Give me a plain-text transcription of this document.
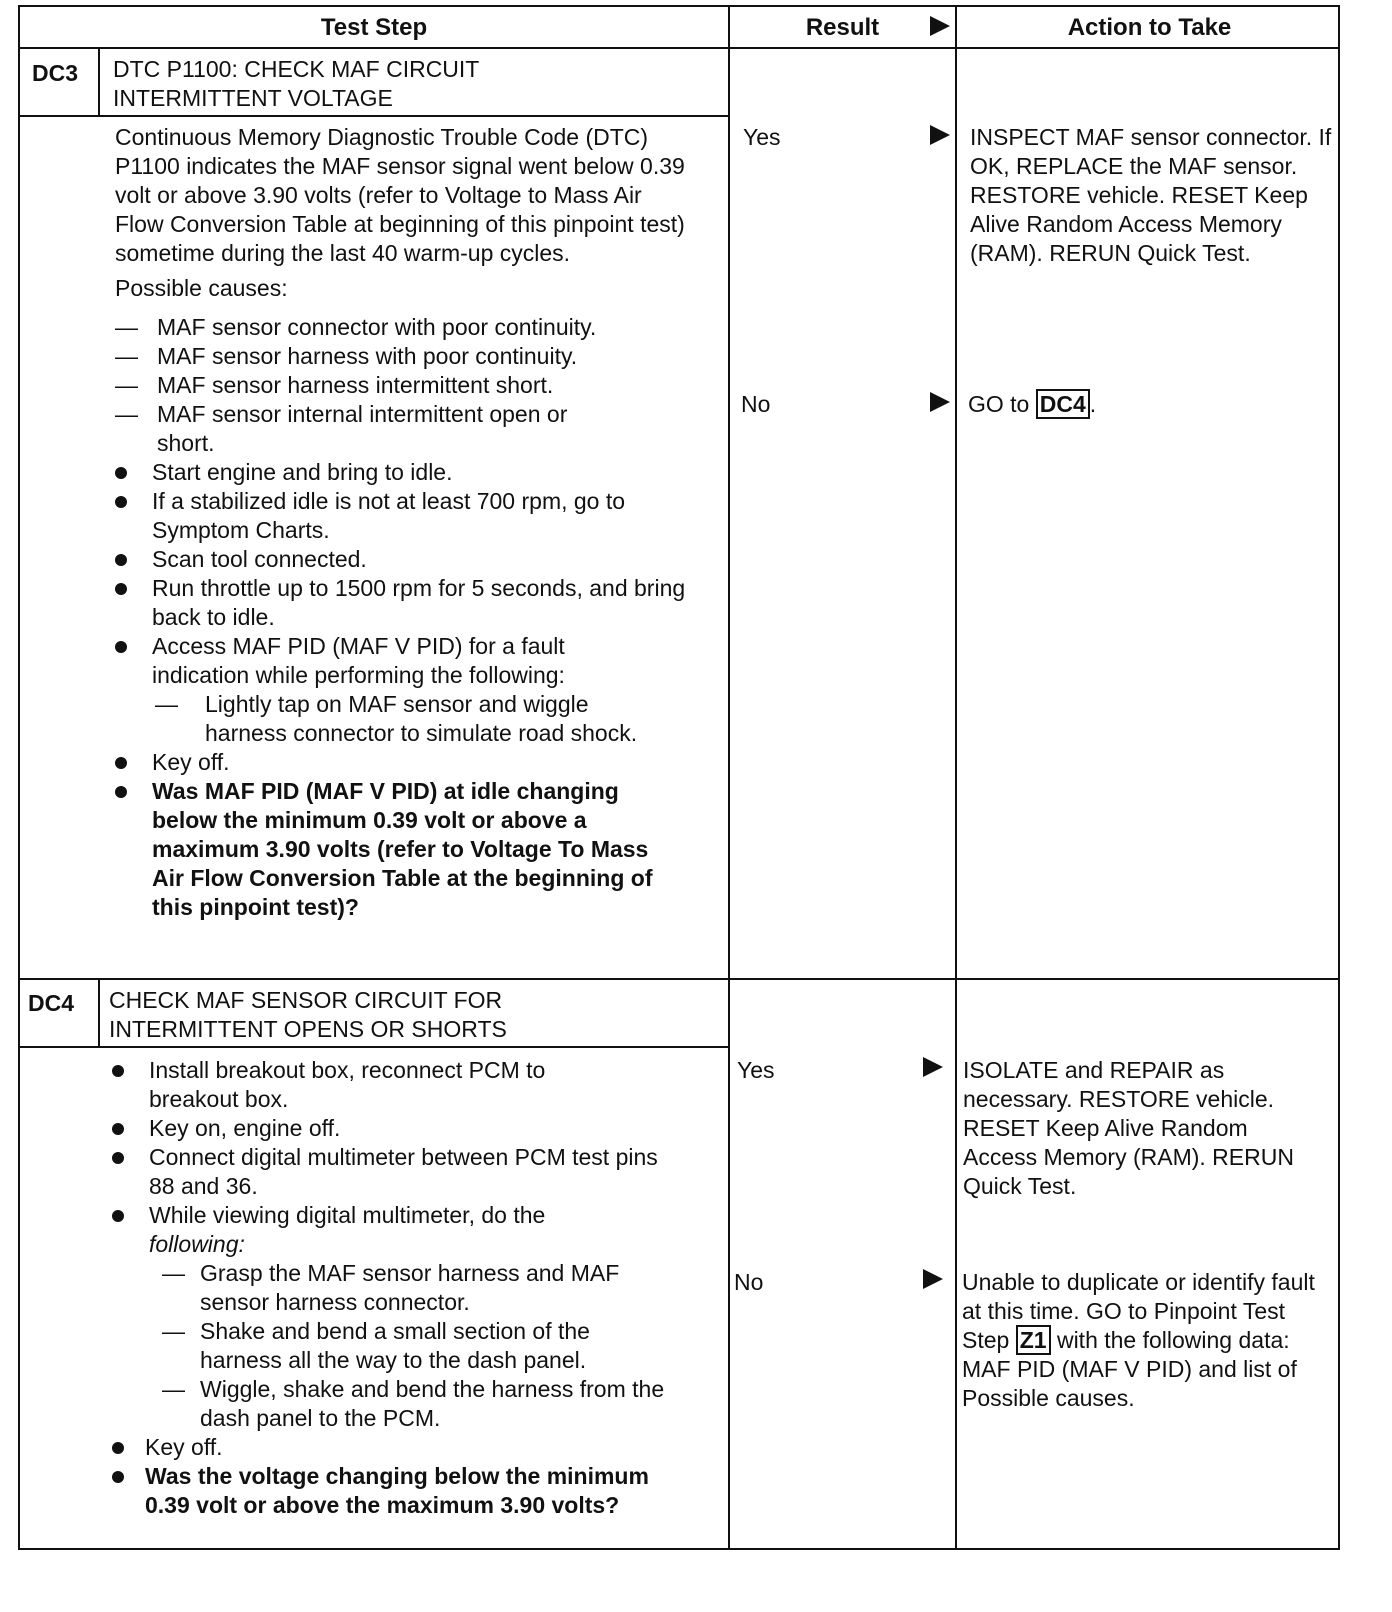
Test Step	Result	Action to Take
DC3 DTC P1100: CHECK MAF CIRCUIT
INTERMITTENT VOLTAGE
Continuous Memory Diagnostic Trouble Code (DTC) P1100 indicates the MAF sensor signal went below 0.39 volt or above 3.90 volts (refer to Voltage to Mass Air Flow Conversion Table at beginning of this pinpoint test) sometime during the last 40 warm-up cycles.
Possible causes:
— MAF sensor connector with poor continuity.
— MAF sensor harness with poor continuity.
— MAF sensor harness intermittent short.
— MAF sensor internal intermittent open or short.
Start engine and bring to idle.
If a stabilized idle is not at least 700 rpm, go to Symptom Charts.
Scan tool connected.
Run throttle up to 1500 rpm for 5 seconds, and bring back to idle.
Access MAF PID (MAF V PID) for a fault indication while performing the following:
— Lightly tap on MAF sensor and wiggle harness connector to simulate road shock.
Key off.
Was MAF PID (MAF V PID) at idle changing below the minimum 0.39 volt or above a maximum 3.90 volts (refer to Voltage To Mass Air Flow Conversion Table at the beginning of this pinpoint test)?
Yes	INSPECT MAF sensor connector. If OK, REPLACE the MAF sensor. RESTORE vehicle. RESET Keep Alive Random Access Memory (RAM). RERUN Quick Test.
No	GO to DC4 .
DC4 CHECK MAF SENSOR CIRCUIT FOR
INTERMITTENT OPENS OR SHORTS
Install breakout box, reconnect PCM to breakout box.
Key on, engine off.
Connect digital multimeter between PCM test pins 88 and 36.
While viewing digital multimeter, do the following:
— Grasp the MAF sensor harness and MAF sensor harness connector.
— Shake and bend a small section of the harness all the way to the dash panel.
— Wiggle, shake and bend the harness from the dash panel to the PCM.
Key off.
Was the voltage changing below the minimum 0.39 volt or above the maximum 3.90 volts?
Yes	ISOLATE and REPAIR as necessary. RESTORE vehicle. RESET Keep Alive Random Access Memory (RAM). RERUN Quick Test.
No	Unable to duplicate or identify fault at this time. GO to Pinpoint Test Step Z1 with the following data: MAF PID (MAF V PID) and list of Possible causes.
